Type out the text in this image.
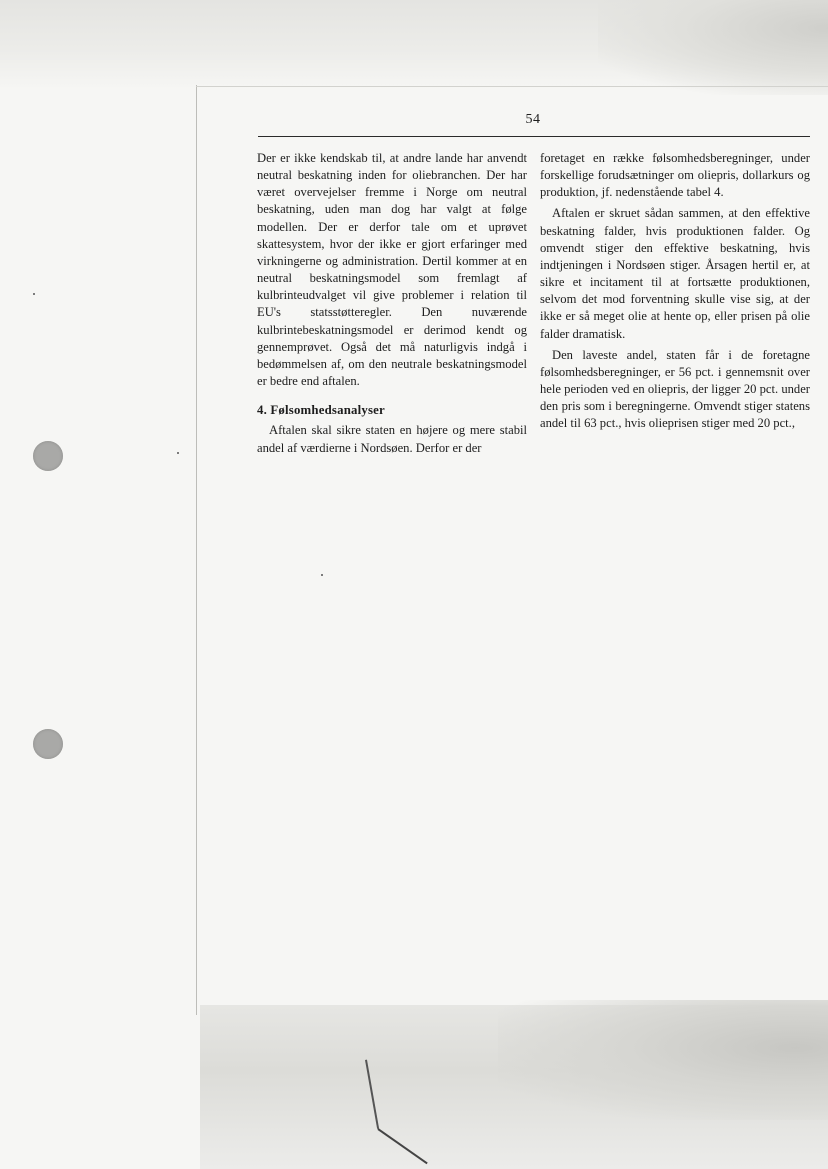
54

Der er ikke kendskab til, at andre lande har anvendt neutral beskatning inden for oliebranchen. Der har været overvejelser fremme i Norge om neutral beskatning, uden man dog har valgt at følge modellen. Der er derfor tale om et uprøvet skattesystem, hvor der ikke er gjort erfaringer med virkningerne og administration. Dertil kommer at en neutral beskatningsmodel som fremlagt af kulbrinteudvalget vil give problemer i relation til EU's statsstøtteregler. Den nuværende kulbrintebeskatningsmodel er derimod kendt og gennemprøvet. Også det må naturligvis indgå i bedømmelsen af, om den neutrale beskatningsmodel er bedre end aftalen.

4. Følsomhedsanalyser

Aftalen skal sikre staten en højere og mere stabil andel af værdierne i Nordsøen. Derfor er der

foretaget en række følsomhedsberegninger, under forskellige forudsætninger om oliepris, dollarkurs og produktion, jf. nedenstående tabel 4.

Aftalen er skruet sådan sammen, at den effektive beskatning falder, hvis produktionen falder. Og omvendt stiger den effektive beskatning, hvis indtjeningen i Nordsøen stiger. Årsagen hertil er, at sikre et incitament til at fortsætte produktionen, selvom det mod forventning skulle vise sig, at der ikke er så meget olie at hente op, eller prisen på olie falder dramatisk.

Den laveste andel, staten får i de foretagne følsomhedsberegninger, er 56 pct. i gennemsnit over hele perioden ved en oliepris, der ligger 20 pct. under den pris som i beregningerne. Omvendt stiger statens andel til 63 pct., hvis olieprisen stiger med 20 pct.,
